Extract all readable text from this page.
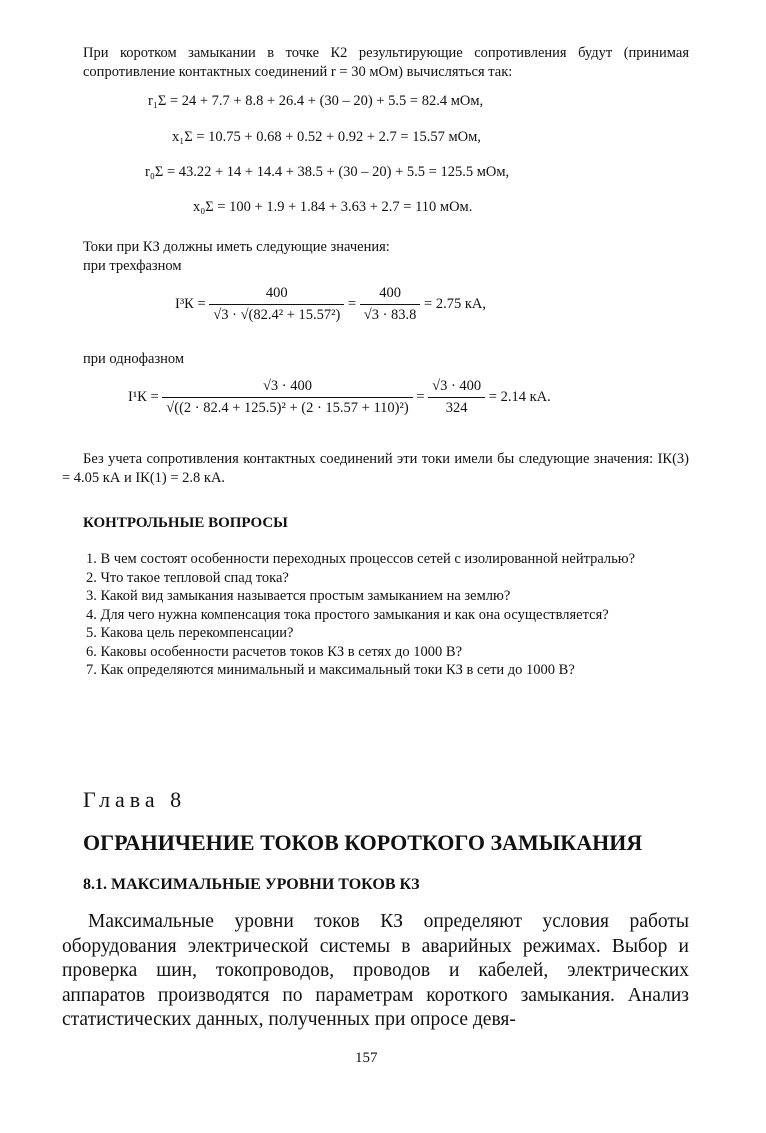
При коротком замыкании в точке К2 результирующие сопротивления будут (принимая сопротивление контактных соединений r = 30 мОм) вычисляться так:
r₁Σ = 24 + 7.7 + 8.8 + 26.4 + (30 – 20) + 5.5 = 82.4 мОм,
x₁Σ = 10.75 + 0.68 + 0.52 + 0.92 + 2.7 = 15.57 мОм,
r₀Σ = 43.22 + 14 + 14.4 + 38.5 + (30 – 20) + 5.5 = 125.5 мОм,
x₀Σ = 100 + 1.9 + 1.84 + 3.63 + 2.7 = 110 мОм.
Токи при КЗ должны иметь следующие значения:
при трехфазном
$I^3К = \frac{400}{\text{√3 · √(82.4² + 15.57²)}} = \frac{400}{√3 \cdot 83.8} = 2.75$ кА,
при однофазном
$I^1К = \frac{√3 \cdot 400}{\text{√((2 · 82.4 + 125.5)² + (2 · 15.57 + 110)²)}} = \frac{√3 \cdot 400}{324} = 2.14$ кА.
Без учета сопротивления контактных соединений эти токи имели бы следующие значения: IК(3) = 4.05 кА и IК(1) = 2.8 кА.
КОНТРОЛЬНЫЕ ВОПРОСЫ
1. В чем состоят особенности переходных процессов сетей с изолированной нейтралью?
2. Что такое тепловой спад тока?
3. Какой вид замыкания называется простым замыканием на землю?
4. Для чего нужна компенсация тока простого замыкания и как она осуществляется?
5. Какова цель перекомпенсации?
6. Каковы особенности расчетов токов КЗ в сетях до 1000 В?
7. Как определяются минимальный и максимальный токи КЗ в сети до 1000 В?
Глава 8
ОГРАНИЧЕНИЕ ТОКОВ КОРОТКОГО ЗАМЫКАНИЯ
8.1. МАКСИМАЛЬНЫЕ УРОВНИ ТОКОВ КЗ
Максимальные уровни токов КЗ определяют условия работы оборудования электрической системы в аварийных режимах. Выбор и проверка шин, токопроводов, проводов и кабелей, электрических аппаратов производятся по параметрам короткого замыкания. Анализ статистических данных, полученных при опросе девя-
157
